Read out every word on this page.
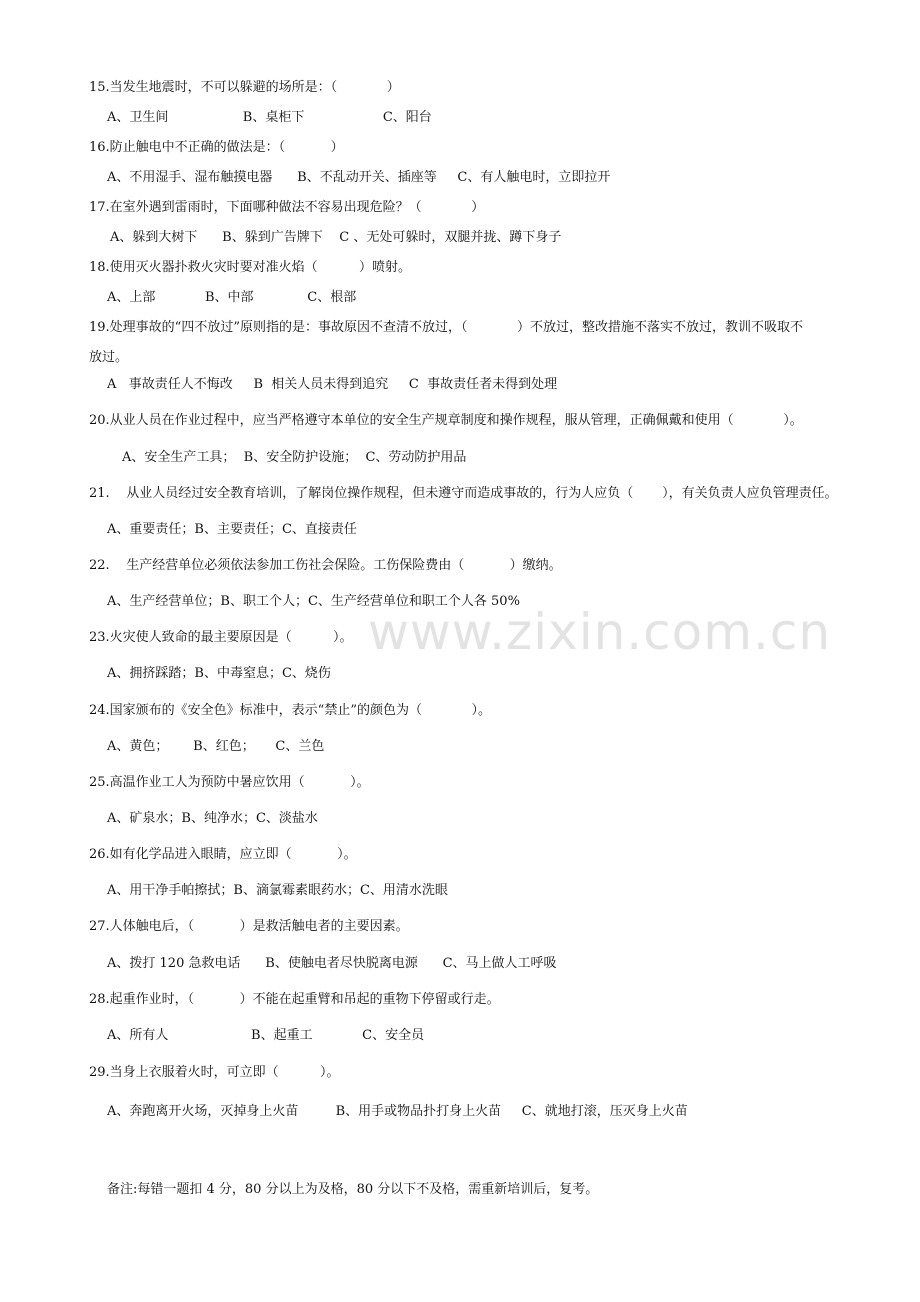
www.zixin.com.cn
15.当发生地震时，不可以躲避的场所是：（            ）
A、卫生间                  B、桌柜下                   C、阳台
16.防止触电中不正确的做法是：（           ）
A、不用湿手、湿布触摸电器      B、不乱动开关、插座等     C、有人触电时，立即拉开
17.在室外遇到雷雨时，下面哪种做法不容易出现危险？（            ）
A、躲到大树下      B、躲到广告牌下    C 、无处可躲时，双腿并拢、蹲下身子
18.使用灭火器扑救火灾时要对准火焰（          ）喷射。
A、上部            B、中部             C、根部
19.处理事故的“四不放过”原则指的是：事故原因不查清不放过，（            ）不放过，整改措施不落实不放过，教训不吸取不
放过。
A   事故责任人不悔改     B  相关人员未得到追究     C  事故责任者未得到处理
20.从业人员在作业过程中，应当严格遵守本单位的安全生产规章制度和操作规程，服从管理，正确佩戴和使用（            ）。
A、安全生产工具；  B、安全防护设施；  C、劳动防护用品
21.    从业人员经过安全教育培训，了解岗位操作规程，但未遵守而造成事故的，行为人应负（       ），有关负责人应负管理责任。
A、重要责任；B、主要责任；C、直接责任
22.    生产经营单位必须依法参加工伤社会保险。工伤保险费由（           ）缴纳。
A、生产经营单位；B、职工个人；C、生产经营单位和职工个人各 50%
23.火灾使人致命的最主要原因是（          ）。
A、拥挤踩踏；B、中毒窒息；C、烧伤
24.国家颁布的《安全色》标准中，表示“禁止”的颜色为（            ）。
A、黄色；      B、红色；     C、兰色
25.高温作业工人为预防中暑应饮用（           ）。
A、矿泉水；B、纯净水；C、淡盐水
26.如有化学品进入眼睛，应立即（           ）。
A、用干净手帕擦拭；B、滴氯霉素眼药水；C、用清水洗眼
27.人体触电后，（           ）是救活触电者的主要因素。
A、拨打 120 急救电话      B、使触电者尽快脱离电源      C、马上做人工呼吸
28.起重作业时，（           ）不能在起重臂和吊起的重物下停留或行走。
A、所有人                    B、起重工            C、安全员
29.当身上衣服着火时，可立即（          ）。
A、奔跑离开火场，灭掉身上火苗         B、用手或物品扑打身上火苗     C、就地打滚，压灭身上火苗
备注:每错一题扣 4 分，80 分以上为及格，80 分以下不及格，需重新培训后，复考。
